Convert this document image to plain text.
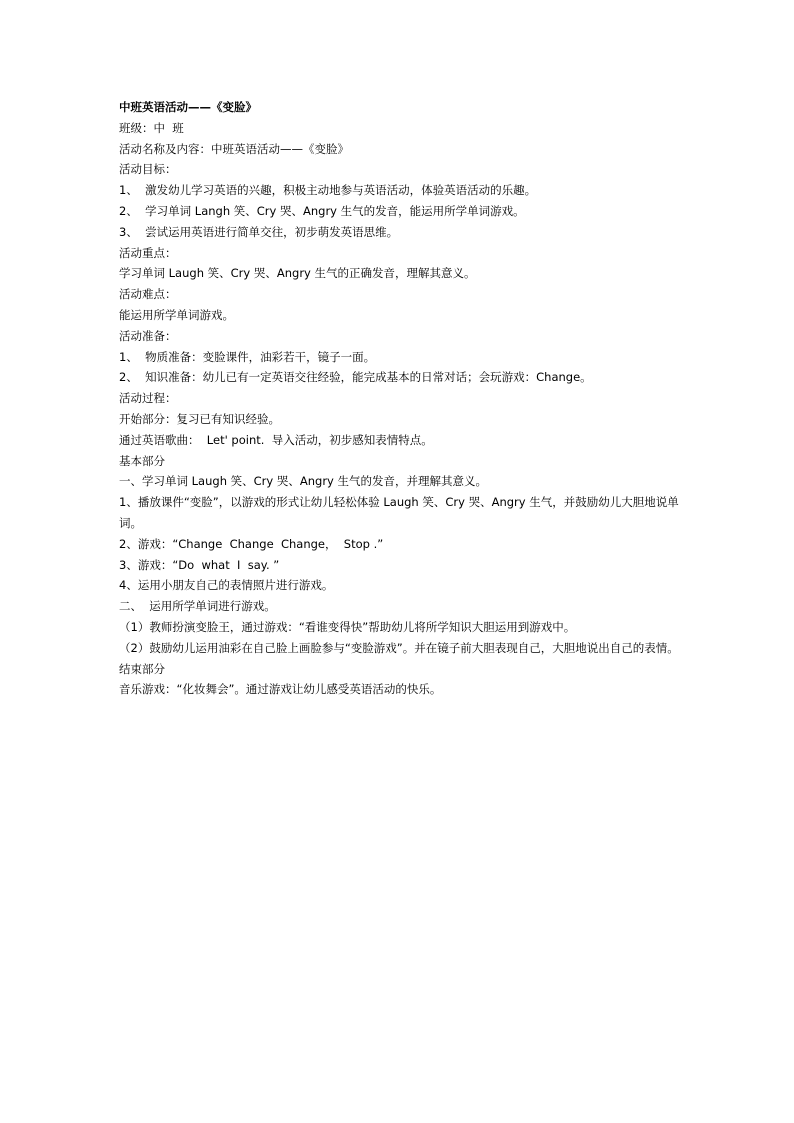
中班英语活动——《变脸》

班级：中  班

活动名称及内容：中班英语活动——《变脸》

活动目标：

1、  激发幼儿学习英语的兴趣，积极主动地参与英语活动，体验英语活动的乐趣。

2、  学习单词 Langh 笑、Cry 哭、Angry 生气的发音，能运用所学单词游戏。

3、  尝试运用英语进行简单交往，初步萌发英语思维。

活动重点：

学习单词 Laugh 笑、Cry 哭、Angry 生气的正确发音，理解其意义。

活动难点：

能运用所学单词游戏。

活动准备：

1、  物质准备：变脸课件，油彩若干，镜子一面。

2、  知识准备：幼儿已有一定英语交往经验，能完成基本的日常对话；会玩游戏：Change。

活动过程：

开始部分：复习已有知识经验。

通过英语歌曲：  Let' point.  导入活动，初步感知表情特点。

基本部分

一、学习单词 Laugh 笑、Cry 哭、Angry 生气的发音，并理解其意义。

1、播放课件“变脸”，以游戏的形式让幼儿轻松体验 Laugh 笑、Cry 哭、Angry 生气，并鼓励幼儿大胆地说单词。

2、游戏：“Change  Change  Change，  Stop .”

3、游戏：“Do  what  I  say. ”

4、运用小朋友自己的表情照片进行游戏。

二、  运用所学单词进行游戏。

（1）教师扮演变脸王，通过游戏：“看谁变得快”帮助幼儿将所学知识大胆运用到游戏中。

（2）鼓励幼儿运用油彩在自己脸上画脸参与“变脸游戏”。并在镜子前大胆表现自己，大胆地说出自己的表情。

结束部分

音乐游戏：“化妆舞会”。通过游戏让幼儿感受英语活动的快乐。
